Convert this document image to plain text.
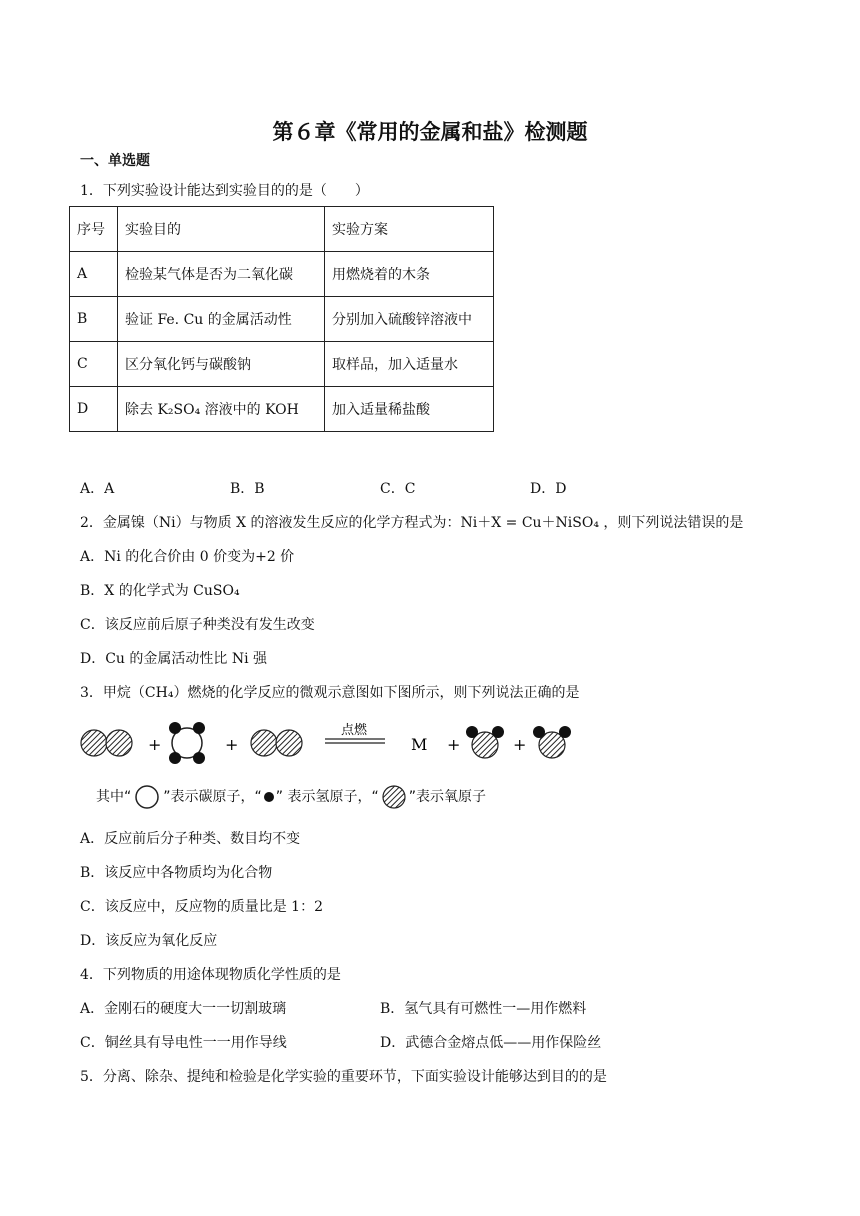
第６章《常用的金属和盐》检测题
一、单选题
1．下列实验设计能达到实验目的的是（　　）
序号	实验目的	实验方案
A	检验某气体是否为二氧化碳	用燃烧着的木条
B	验证 Fe. Cu 的金属活动性	分别加入硫酸锌溶液中
C	区分氧化钙与碳酸钠	取样品，加入适量水
D	除去 K₂SO₄ 溶液中的 KOH	加入适量稀盐酸
A．A	B．B	C．C	D．D
2．金属镍（Ni）与物质 X 的溶液发生反应的化学方程式为：Ni＋X = Cu＋NiSO₄ ，则下列说法错误的是
A．Ni 的化合价由 0 价变为+2 价
B．X 的化学式为 CuSO₄
C．该反应前后原子种类没有发生改变
D．Cu 的金属活动性比 Ni 强
3．甲烷（CH₄）燃烧的化学反应的微观示意图如下图所示，则下列说法正确的是
+	+
点燃
M +	+
其中“ ”表示碳原子，“ ” 表示氢原子，“ ”表示氧原子
A．反应前后分子种类、数目均不变
B．该反应中各物质均为化合物
C．该反应中，反应物的质量比是 1：2
D．该反应为氧化反应
4．下列物质的用途体现物质化学性质的是
A．金刚石的硬度大一一切割玻璃	B．氢气具有可燃性一—用作燃料
C．铜丝具有导电性一一用作导线	D．武德合金熔点低——用作保险丝
5．分离、除杂、提纯和检验是化学实验的重要环节，下面实验设计能够达到目的的是
